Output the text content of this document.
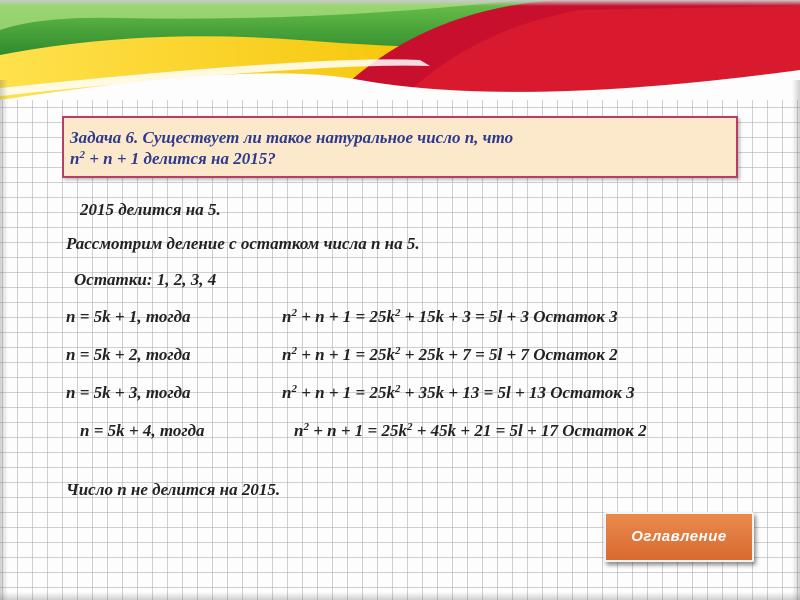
Задача 6. Существует ли такое натуральное число n, что
$n^2 + n + 1$ делится на 2015?
2015 делится на 5.
Рассмотрим деление с остатком числа n на 5.
Остатки: 1, 2, 3, 4
n = 5k + 1, тогда	$n^2 + n + 1 = 25k^2 + 15k + 3 = 5l + 3$ Остаток 3
n = 5k + 2, тогда	$n^2 + n + 1 = 25k^2 + 25k + 7 = 5l + 7$ Остаток 2
n = 5k + 3, тогда	$n^2 + n + 1 = 25k^2 + 35k + 13 = 5l + 13$ Остаток 3
n = 5k + 4, тогда	$n^2 + n + 1 = 25k^2 + 45k + 21 = 5l + 17$ Остаток 2
Число n не делится на 2015.
Оглавление
